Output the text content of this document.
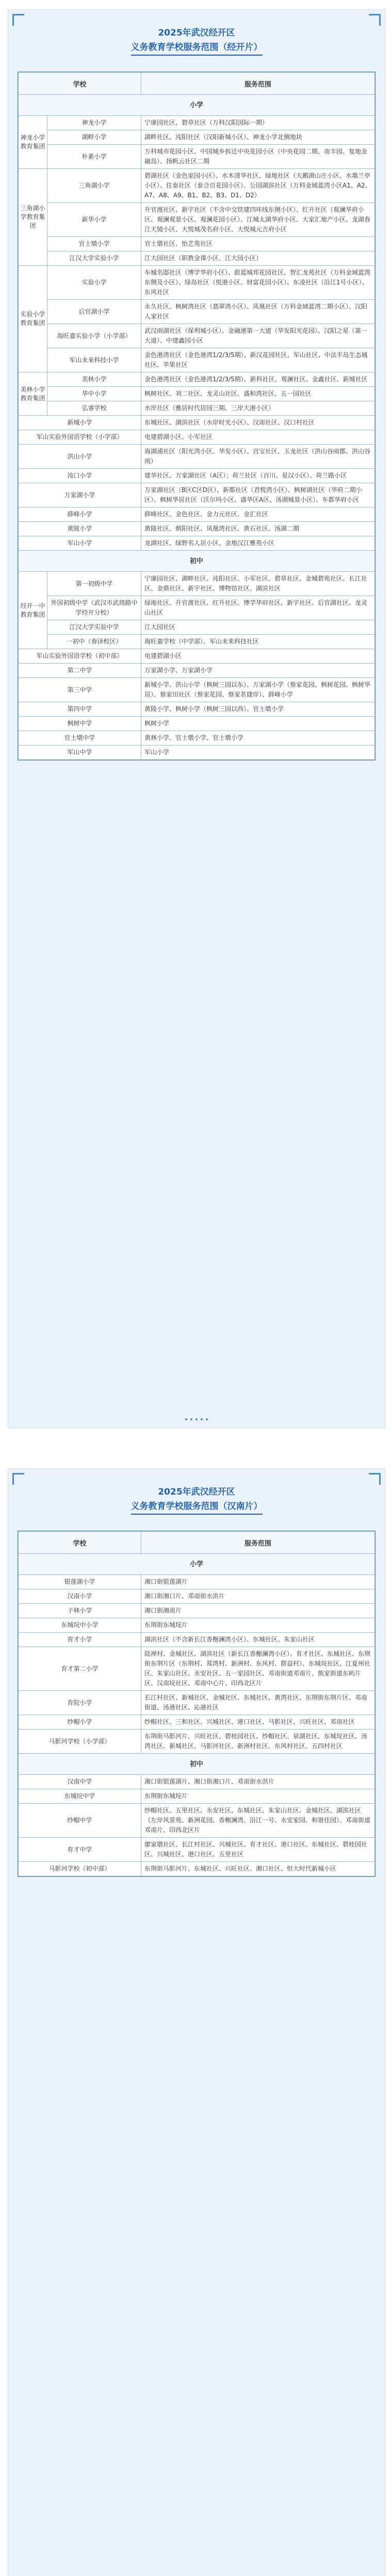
2025年武汉经开区
义务教育学校服务范围（经开片）
学校		服务范围
小学		
神龙小学教育集团	神龙小学	宁康园社区、碧草社区（万科汉阳国际一期）
	湖畔小学	湖畔社区、沌阳社区（汉阳新城小区）、神龙小学北侧地块
	朴素小学	万科城市花园小区、中国城乡拆迁中央花园小区（中央花园二期、南丰园、复地金融岛）、扬帆云社区二期
三角湖小学教育集团	三角湖小学	碧湖社区（金色家园小区）、水木清华社区、绿地社区（天鹅湖山庄小区、水墨兰亭小区）、住泰社区（泰合百花园小区）、公园湖滨社区（万科金域蓝湾小区A1、A2、A7、A8、A9、B1、B2、B3、D1、D2）
	新华小学	升官渡社区、新宇社区（不含中交铁建四环线东侧小区）、红升社区（观澜华府小区、观澜观景小区、观澜花园小区）、江城太湖华府小区、大家汇地产小区、龙湖春江天镜小区、大悦城茂名府小区、大悦城元吉府小区
	官士墩小学	官士墩社区、怡艺苑社区
	江汉大学实验小学	江大园社区（职教金课小区、江大园小区）
实验小学教育集团	实验小学	车城名邸社区（博学华府小区）、蔚蓝城邦花园社区、智汇龙苑社区（万科金域蓝湾东侧及小区）、绿岛社区（悦港小区、财富花园小区）、东凌社区（沿江1号小区）、东风社区
	后官湖小学	永久社区、枫树湾社区（翡翠湾小区）、凤凰社区（万科金域蓝湾二期小区）、汉阳人家社区
	海旺嘉实验小学（小学部）	武汉雨湖社区（保利城小区）、金融港第一大道（华发阳光花园）、汉阳之星（第一大道）、中建鑫园小区
	军山未来科技小学	金色港湾社区（金色港湾1/2/3/5期）、新汉花园社区、军山社区、中法半岛生态城社区、苹果社区
美林小学教育集团	美林小学	金色港湾社区（金色港湾1/2/3/5期）、新科社区、观澜社区、金鑫社区、新城社区
	华中小学	枫树社区、刘二社区、龙灵山社区、盛和湾社区、五一园社区
	弘睿学校	水岸社区（雅居时代居园三期、三岸大港小区）
新城小学		东城社区、湖滨社区（水岸时光小区）、汉南社区、汉口村社区
军山实验外国语学校（小学部）		电建碧湖小区、小军社区
洪山小学		海湖浦社区（阳光湾小区、华发小区）、宫宝社区、玉龙社区（洪山谷雨郡、洪山谷雨）
沌口小学		建华社区、万家湖社区（A区）；荷兰社区（百川、星汉小区）、荷兰路小区
万家湖小学		万家湖社区（B区C区D区）、新都社区（君悦湾小区）、枫树湖社区（华府二期小区）、枫树华居社区（沃尔玛小区、盛华区A区、汤湖城景小区）、车都华府小区
薛峰小学		薛峰社区、金色社区、金力元社区、金汇社区
黄陵小学		黄陵社区、朝阳社区、凤凰湾社区、黄石社区、汤湖二期
军山小学		龙湖社区、绿野名人居小区、金地汉江雅苑小区
初中		
经开一中教育集团	第一初级中学	宁康园社区、湖畔社区、沌阳社区、小军社区、碧草社区、金城碧苑社区、长江社区、金鼎社区、新宇社区、博物馆社区、湖滨社区
	外国初级中学（武汉市武珞路中学经开分校）	绿地社区、升官渡社区、红升社区、博学华府社区、新宇社区、后官湖社区、龙灵山社区
	江汉大学实验中学	江大园社区
	一初中（春泽校区）	海旺嘉学校（中学部）、军山未来科技社区
军山实验外国语学校（初中部）		电建碧湖小区
第二中学		万家湖小学、万家湖小学
第三中学		新城小学、洪山小学（枫树三园以东）、万家湖小学（蔡家花园、枫树花园、枫树华居）、蔡家田社区（蔡家花园、蔡家茗捷岸）、薛峰小学
第四中学		黄陵小学、枫树小学（枫树三园以西）、官士墩小学
枫树中学		枫树小学
官士墩中学		黄林小学、官士墩小学、官士墩小学
军山中学		军山小学
2025年武汉经开区
义务教育学校服务范围（汉南片）
学校	服务范围
小学	
银莲湖小学	湘口街银莲湖片
汉南小学	湘口街湘口片、邓南街水洪片
子林小学	湘口街湘南片
东城垸中小学	东荆街东城垸片
育才小学	湖滨社区（不含新长江香榭澜湾小区）、东城社区、朱家山社区
育才第二小学	陆禅村、金城社区、湖滨社区（新长江香榭澜湾小区）、育才社区、东城社区、东荆街东荆片区（东荆村、郑湾村、新洲村、东风村、群益村）、东城垸社区、江夏州社区、朱家山社区、永安社区、五一家园社区、邓南街道邓南片、熊家街道东屿片区、汉南垸社区、邓南中心片、印西北区片
育院小学	长江村社区、新城社区、金城社区、东城社区、黄湾社区、东荆街东荆片区、邓南街道、汤港社区、沁港社区
纱帽小学	纱帽社区、三和社区、兴城社区、港口社区、马影社区、兴旺社区、邓南社区
马影河学校（小学部）	东荆街马影河片、兴旺社区、碧桂园社区、纱帽社区、泉湖社区、东城垸社区、汤湾社区、新城社区、马影河社区、新洲村社区、东风村社区、五四村社区
初中	
汉南中学	湘口街银莲湖片、湘口街湘口片、邓南街水洪片
东城垸中学	东荆街东城垸片
纱帽中学	纱帽社区、五里社区、永安社区、东城社区、朱家山社区、金城社区、湖滨社区（左岸风景苑、新洲花园、香榭澜湾、沿江一号、永安家园、和谐佳园）、邓南街道邓南片、印西北区片
育才中学	廖家墩社区、长江村社区、兴城社区、育才社区、港口社区、东城社区、碧桂园社区、兴城社区、港口社区、五里社区
马影河学校（初中部）	东荆街马影河片、东城社区、兴旺社区、湘口社区、恒大时代新城小区
